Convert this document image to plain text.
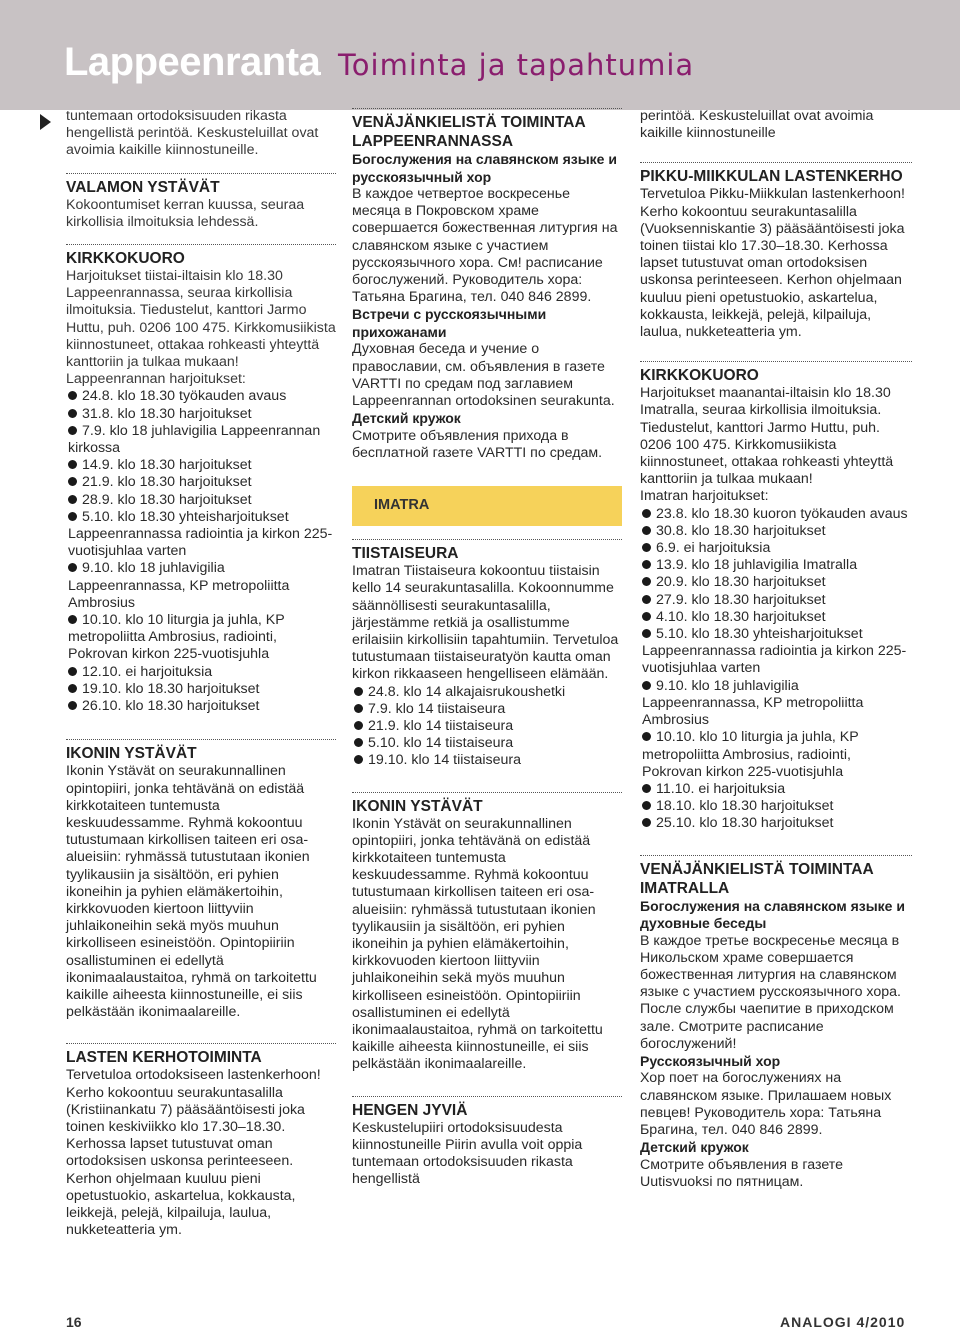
Lappeenranta Toiminta ja tapahtumia

tuntemaan ortodoksisuuden rikasta hengellistä perintöä. Keskusteluillat ovat avoimia kaikille kiinnostuneille.

VALAMON YSTÄVÄT

Kokoontumiset kerran kuussa, seuraa kirkollisia ilmoituksia lehdessä.

KIRKKOKUORO

Harjoitukset tiistai-iltaisin klo 18.30 Lappeenrannassa, seuraa kirkollisia ilmoituksia. Tiedustelut, kanttori Jarmo Huttu, puh. 0206 100 475. Kirkkomusiikista kiinnostuneet, ottakaa rohkeasti yhteyttä kanttoriin ja tulkaa mukaan!

Lappeenrannan harjoitukset:

24.8. klo 18.30 työkauden avaus

31.8. klo 18.30 harjoitukset

7.9. klo 18 juhlavigilia Lappeenrannan kirkossa

14.9. klo 18.30 harjoitukset

21.9. klo 18.30 harjoitukset

28.9. klo 18.30 harjoitukset

5.10. klo 18.30 yhteisharjoitukset Lappeenrannassa radiointia ja kirkon 225-vuotisjuhlaa varten

9.10. klo 18 juhlavigilia Lappeenrannassa, KP metropoliitta Ambrosius

10.10. klo 10 liturgia ja juhla, KP metropoliitta Ambrosius, radiointi, Pokrovan kirkon 225-vuotisjuhla

12.10. ei harjoituksia

19.10. klo 18.30 harjoitukset

26.10. klo 18.30 harjoitukset

IKONIN YSTÄVÄT

Ikonin Ystävät on seurakunnallinen opintopiiri, jonka tehtävänä on edistää kirkkotaiteen tuntemusta keskuudessamme. Ryhmä kokoontuu tutustumaan kirkollisen taiteen eri osa-alueisiin: ryhmässä tutustutaan ikonien tyylikausiin ja sisältöön, eri pyhien ikoneihin ja pyhien elämäkertoihin, kirkkovuoden kiertoon liittyviin juhlaikoneihin sekä myös muuhun kirkolliseen esineistöön. Opintopiiriin osallistuminen ei edellytä ikonimaalaustaitoa, ryhmä on tarkoitettu kaikille aiheesta kiinnostuneille, ei siis pelkästään ikonimaalareille.

LASTEN KERHOTOIMINTA

Tervetuloa ortodoksiseen lastenkerhoon! Kerho kokoontuu seurakuntasalilla (Kristiinankatu 7) pääsääntöisesti joka toinen keskiviikko klo 17.30–18.30. Kerhossa lapset tutustuvat oman ortodoksisen uskonsa perinteeseen. Kerhon ohjelmaan kuuluu pieni opetustuokio, askartelua, kokkausta, leikkejä, pelejä, kilpailuja, laulua, nukketeatteria ym.

VENÄJÄNKIELISTÄ TOIMINTAA LAPPEENRANNASSA
Богослужения на славянском языке и русскоязычный хор

В каждое четвертое воскресенье месяца в Покровском храме совершается божественная литургия на славянском языке с участием русскоязычного хора. См! расписание богослужений. Руководитель хора: Татьяна Брагина, тел. 040 846 2899.

Встречи с русскоязычными прихожанами

Духовная беседа и учение о православии, см. объявления в газете VARTTI по средам под заглавием Lappeenrannan ortodoksinen seurakunta.

Детский кружок

Смотрите объявления прихода в бесплатной газете VARTTI по средам.

IMATRA
TIISTAISEURA

Imatran Tiistaiseura kokoontuu tiistaisin kello 14 seurakuntasalilla. Kokoonnumme säännöllisesti seurakuntasalilla, järjestämme retkiä ja osallistumme erilaisiin kirkollisiin tapahtumiin. Tervetuloa tutustumaan tiistaiseuratyön kautta oman kirkon rikkaaseen hengelliseen elämään.

24.8. klo 14 alkajaisrukoushetki

7.9. klo 14 tiistaiseura

21.9. klo 14 tiistaiseura

5.10. klo 14 tiistaiseura

19.10. klo 14 tiistaiseura

IKONIN YSTÄVÄT

Ikonin Ystävät on seurakunnallinen opintopiiri, jonka tehtävänä on edistää kirkkotaiteen tuntemusta keskuudessamme. Ryhmä kokoontuu tutustumaan kirkollisen taiteen eri osa-alueisiin: ryhmässä tutustutaan ikonien tyylikausiin ja sisältöön, eri pyhien ikoneihin ja pyhien elämäkertoihin, kirkkovuoden kiertoon liittyviin juhlaikoneihin sekä myös muuhun kirkolliseen esineistöön. Opintopiiriin osallistuminen ei edellytä ikonimaalaustaitoa, ryhmä on tarkoitettu kaikille aiheesta kiinnostuneille, ei siis pelkästään ikonimaalareille.

HENGEN JYVIÄ

Keskustelupiiri ortodoksisuudesta kiinnostuneille Piirin avulla voit oppia tuntemaan ortodoksisuuden rikasta hengellistä

perintöä. Keskusteluillat ovat avoimia kaikille kiinnostuneille

PIKKU-MIIKKULAN LASTENKERHO

Tervetuloa Pikku-Miikkulan lastenkerhoon! Kerho kokoontuu seurakuntasalilla (Vuoksenniskantie 3) pääsääntöisesti joka toinen tiistai klo 17.30–18.30. Kerhossa lapset tutustuvat oman ortodoksisen uskonsa perinteeseen. Kerhon ohjelmaan kuuluu pieni opetustuokio, askartelua, kokkausta, leikkejä, pelejä, kilpailuja, laulua, nukketeatteria ym.

KIRKKOKUORO

Harjoitukset maanantai-iltaisin klo 18.30 Imatralla, seuraa kirkollisia ilmoituksia. Tiedustelut, kanttori Jarmo Huttu, puh. 0206 100 475. Kirkkomusiikista kiinnostuneet, ottakaa rohkeasti yhteyttä kanttoriin ja tulkaa mukaan!

Imatran harjoitukset:

23.8. klo 18.30 kuoron työkauden avaus

30.8. klo 18.30 harjoitukset

6.9. ei harjoituksia

13.9. klo 18 juhlavigilia Imatralla

20.9. klo 18.30 harjoitukset

27.9. klo 18.30 harjoitukset

4.10. klo 18.30 harjoitukset

5.10. klo 18.30 yhteisharjoitukset Lappeenrannassa radiointia ja kirkon 225-vuotisjuhlaa varten

9.10. klo 18 juhlavigilia Lappeenrannassa, KP metropoliitta Ambrosius

10.10. klo 10 liturgia ja juhla, KP metropoliitta Ambrosius, radiointi, Pokrovan kirkon 225-vuotisjuhla

11.10. ei harjoituksia

18.10. klo 18.30 harjoitukset

25.10. klo 18.30 harjoitukset

VENÄJÄNKIELISTÄ TOIMINTAA IMATRALLA
Богослужения на славянском языке и духовные беседы

В каждое третье воскресенье месяца в Никольском храме совершается божественная литургия на славянском языке с участием русскоязычного хора. После службы чаепитие в приходском зале. Смотрите расписание богослужений!

Русскоязычный хор

Хор поет на богослужениях на славянском языке. Прилашаем новых певцев! Руководитель хора: Татьяна Брагина, тел. 040 846 2899.

Детский кружок

Смотрите объявления в газете Uutisvuoksi по пятницам.

16	ANALOGI 4/2010
